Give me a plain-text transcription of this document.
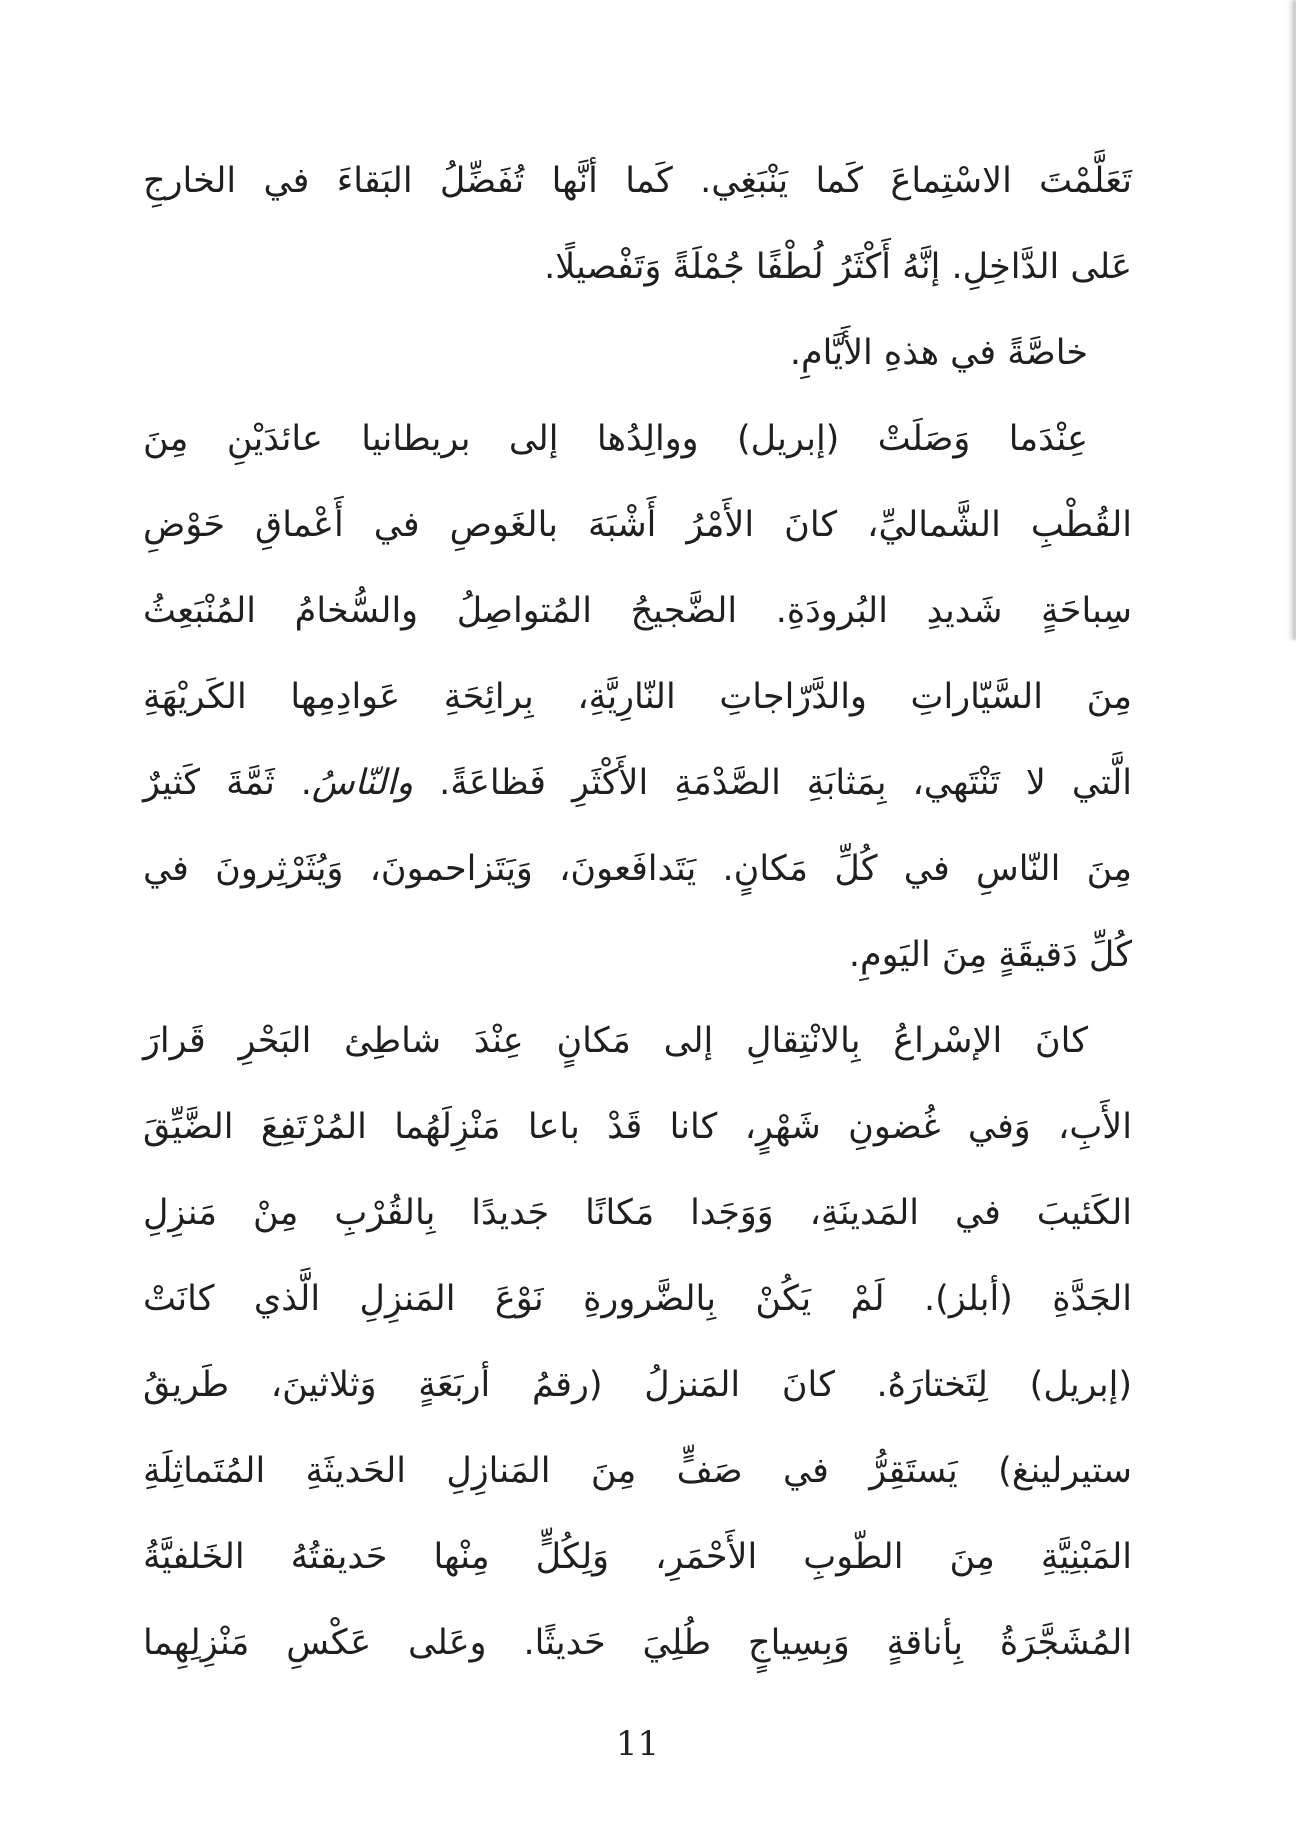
تَعَلَّمْتَ الاسْتِماعَ كَما يَنْبَغِي. كَما أنَّها تُفَضِّلُ البَقاءَ في الخارجِ
عَلى الدَّاخِلِ. إنَّهُ أَكْثَرُ لُطْفًا جُمْلَةً وَتَفْصيلًا.
خاصَّةً في هذهِ الأَيَّامِ.
عِنْدَما وَصَلَتْ (إبريل) ووالِدُها إلى بريطانيا عائدَيْنِ مِنَ
القُطْبِ الشَّماليِّ، كانَ الأَمْرُ أَشْبَهَ بالغَوصِ في أَعْماقِ حَوْضِ
سِباحَةٍ شَديدِ البُرودَةِ. الضَّجيجُ المُتواصِلُ والسُّخامُ المُنْبَعِثُ
مِنَ السَّيّاراتِ والدَّرّاجاتِ النّارِيَّةِ، بِرائِحَةِ عَوادِمِها الكَريْهَةِ
الَّتي لا تَنْتَهي، بِمَثابَةِ الصَّدْمَةِ الأَكْثَرِ فَظاعَةً. والنّاسُ. ثَمَّةَ كَثيرٌ
مِنَ النّاسِ في كُلِّ مَكانٍ. يَتَدافَعونَ، وَيَتَزاحمونَ، وَيُثَرْثِرونَ في
كُلِّ دَقيقَةٍ مِنَ اليَومِ.
كانَ الإسْراعُ بِالانْتِقالِ إلى مَكانٍ عِنْدَ شاطِئ البَحْرِ قَرارَ
الأَبِ، وَفي غُضونِ شَهْرٍ، كانا قَدْ باعا مَنْزِلَهُما المُرْتَفِعَ الضَّيِّقَ
الكَئيبَ في المَدينَةِ، وَوَجَدا مَكانًا جَديدًا بِالقُرْبِ مِنْ مَنزِلِ
الجَدَّةِ (أبلز). لَمْ يَكُنْ بِالضَّرورةِ نَوْعَ المَنزِلِ الَّذي كانَتْ
(إبريل) لِتَختارَهُ. كانَ المَنزلُ (رقمُ أربَعَةٍ وَثلاثينَ، طَريقُ
ستيرلينغ) يَستَقِرُّ في صَفٍّ مِنَ المَنازِلِ الحَديثَةِ المُتَماثِلَةِ
المَبْنِيَّةِ مِنَ الطّوبِ الأَحْمَرِ، وَلِكُلٍّ مِنْها حَديقتُهُ الخَلفيَّةُ
المُشَجَّرَةُ بِأناقةٍ وَبِسِياجٍ طُلِيَ حَديثًا. وعَلى عَكْسِ مَنْزِلِهِما
11
